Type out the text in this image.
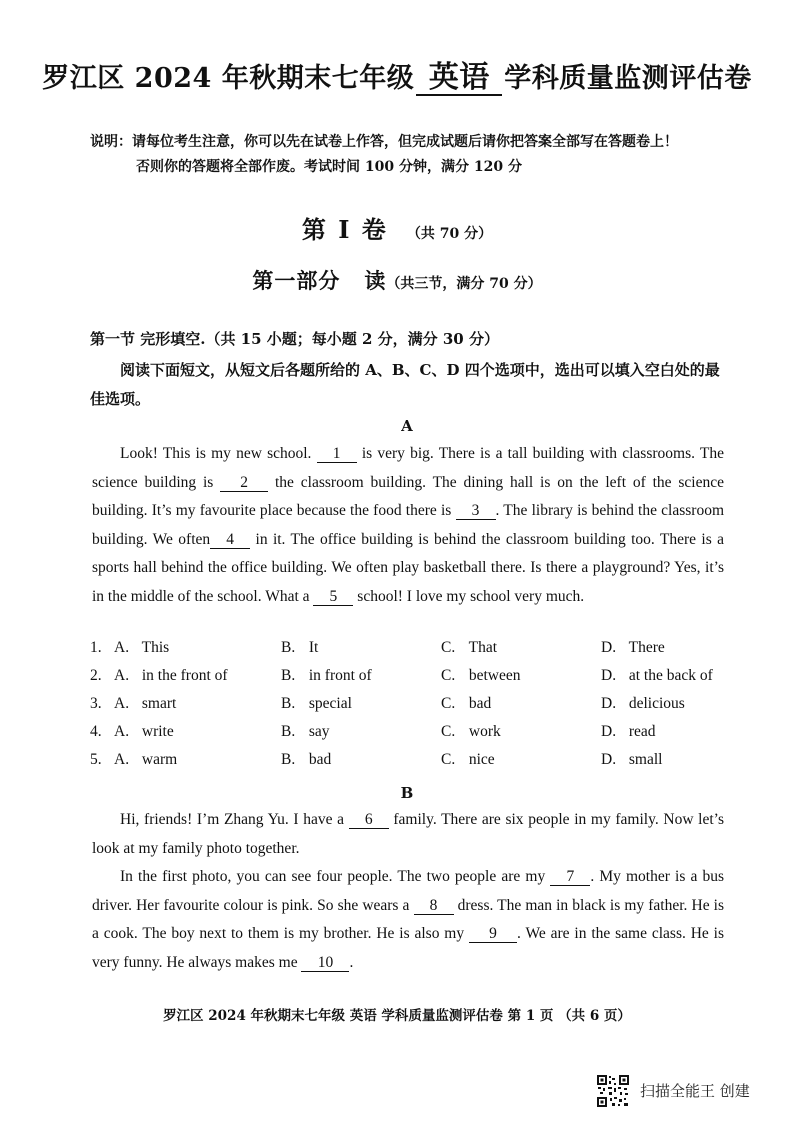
罗江区 2024 年秋期末七年级 英语 学科质量监测评估卷
说明：请每位考生注意，你可以先在试卷上作答，但完成试题后请你把答案全部写在答题卷上！
否则你的答题将全部作废。考试时间 100 分钟，满分 120 分
第 I 卷 （共 70 分）
第一部分 读（共三节，满分 70 分）
第一节 完形填空.（共 15 小题；每小题 2 分，满分 30 分）
阅读下面短文，从短文后各题所给的 A、B、C、D 四个选项中，选出可以填入空白处的最佳选项。
A

Look! This is my new school. 1 is very big. There is a tall building with classrooms. The science building is 2 the classroom building. The dining hall is on the left of the science building. It’s my favourite place because the food there is 3 . The library is behind the classroom building. We often 4 in it. The office building is behind the classroom building too. There is a sports hall behind the office building. We often play basketball there. Is there a playground? Yes, it’s in the middle of the school. What a 5 school! I love my school very much.

1. A. This	B. It	C. That	D. There
2. A. in the front of	B. in front of	C. between	D. at the back of
3. A. smart	B. special	C. bad	D. delicious
4. A. write	B. say	C. work	D. read
5. A. warm	B. bad	C. nice	D. small
B

Hi, friends! I’m Zhang Yu. I have a 6 family. There are six people in my family. Now let’s look at my family photo together.

In the first photo, you can see four people. The two people are my 7 . My mother is a bus driver. Her favourite colour is pink. So she wears a 8 dress. The man in black is my father. He is a cook. The boy next to them is my brother. He is also my 9 . We are in the same class. He is very funny. He always makes me 10 .

罗江区 2024 年秋期末七年级 英语 学科质量监测评估卷 第 1 页 （共 6 页）
扫描全能王 创建
